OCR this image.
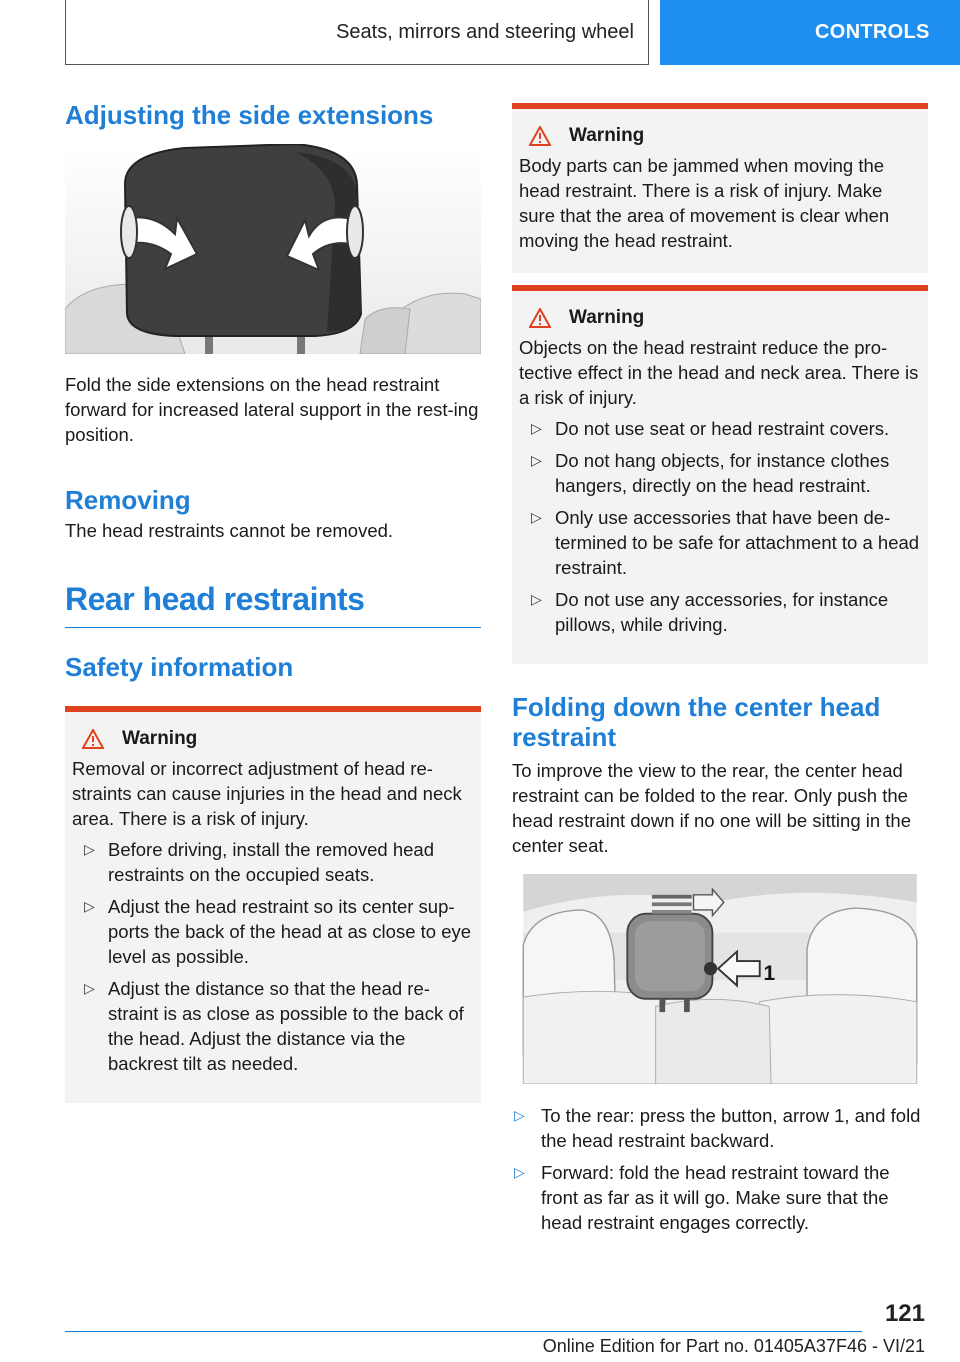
Seats, mirrors and steering wheel	CONTROLS
Adjusting the side extensions

Fold the side extensions on the head restraint forward for increased lateral support in the rest-ing position.

Removing

The head restraints cannot be removed.

Rear head restraints
Safety information
Warning

Removal or incorrect adjustment of head re-straints can cause injuries in the head and neck area. There is a risk of injury.

▷ Before driving, install the removed head restraints on the occupied seats.
▷ Adjust the head restraint so its center sup-ports the back of the head at as close to eye level as possible.
▷ Adjust the distance so that the head re-straint is as close as possible to the back of the head. Adjust the distance via the backrest tilt as needed.
Warning

Body parts can be jammed when moving the head restraint. There is a risk of injury. Make sure that the area of movement is clear when moving the head restraint.

Warning

Objects on the head restraint reduce the pro-tective effect in the head and neck area. There is a risk of injury.

▷ Do not use seat or head restraint covers.
▷ Do not hang objects, for instance clothes hangers, directly on the head restraint.
▷ Only use accessories that have been de-termined to be safe for attachment to a head restraint.
▷ Do not use any accessories, for instance pillows, while driving.
Folding down the center head restraint

To improve the view to the rear, the center head restraint can be folded to the rear. Only push the head restraint down if no one will be sitting in the center seat.

1
▷ To the rear: press the button, arrow 1, and fold the head restraint backward.
▷ Forward: fold the head restraint toward the front as far as it will go. Make sure that the head restraint engages correctly.
121
Online Edition for Part no. 01405A37F46 - VI/21
